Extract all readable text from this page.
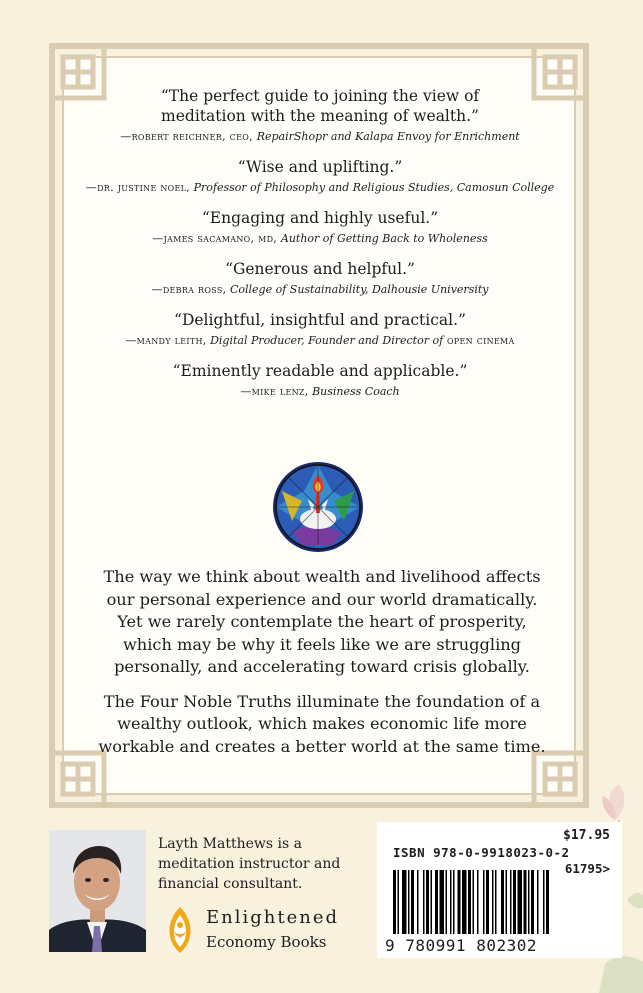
“The perfect guide to joining the view of meditation with the meaning of wealth.”
—robert reichner, ceo, RepairShopr and Kalapa Envoy for Enrichment
“Wise and uplifting.”
—dr. justine noel, Professor of Philosophy and Religious Studies, Camosun College
“Engaging and highly useful.”
—james sacamano, md, Author of Getting Back to Wholeness
“Generous and helpful.”
—debra ross, College of Sustainability, Dalhousie University
“Delightful, insightful and practical.”
—mandy leith, Digital Producer, Founder and Director of open cinema
“Eminently readable and applicable.”
—mike lenz, Business Coach

The way we think about wealth and livelihood affects our personal experience and our world dramatically. Yet we rarely contemplate the heart of prosperity, which may be why it feels like we are struggling personally, and accelerating toward crisis globally.

The Four Noble Truths illuminate the foundation of a wealthy outlook, which makes economic life more workable and creates a better world at the same time.

Layth Matthews is a meditation instructor and financial consultant.
Enlightened
Economy Books
$17.95
ISBN 978-0-9918023-0-2
61795>
9 780991 802302
